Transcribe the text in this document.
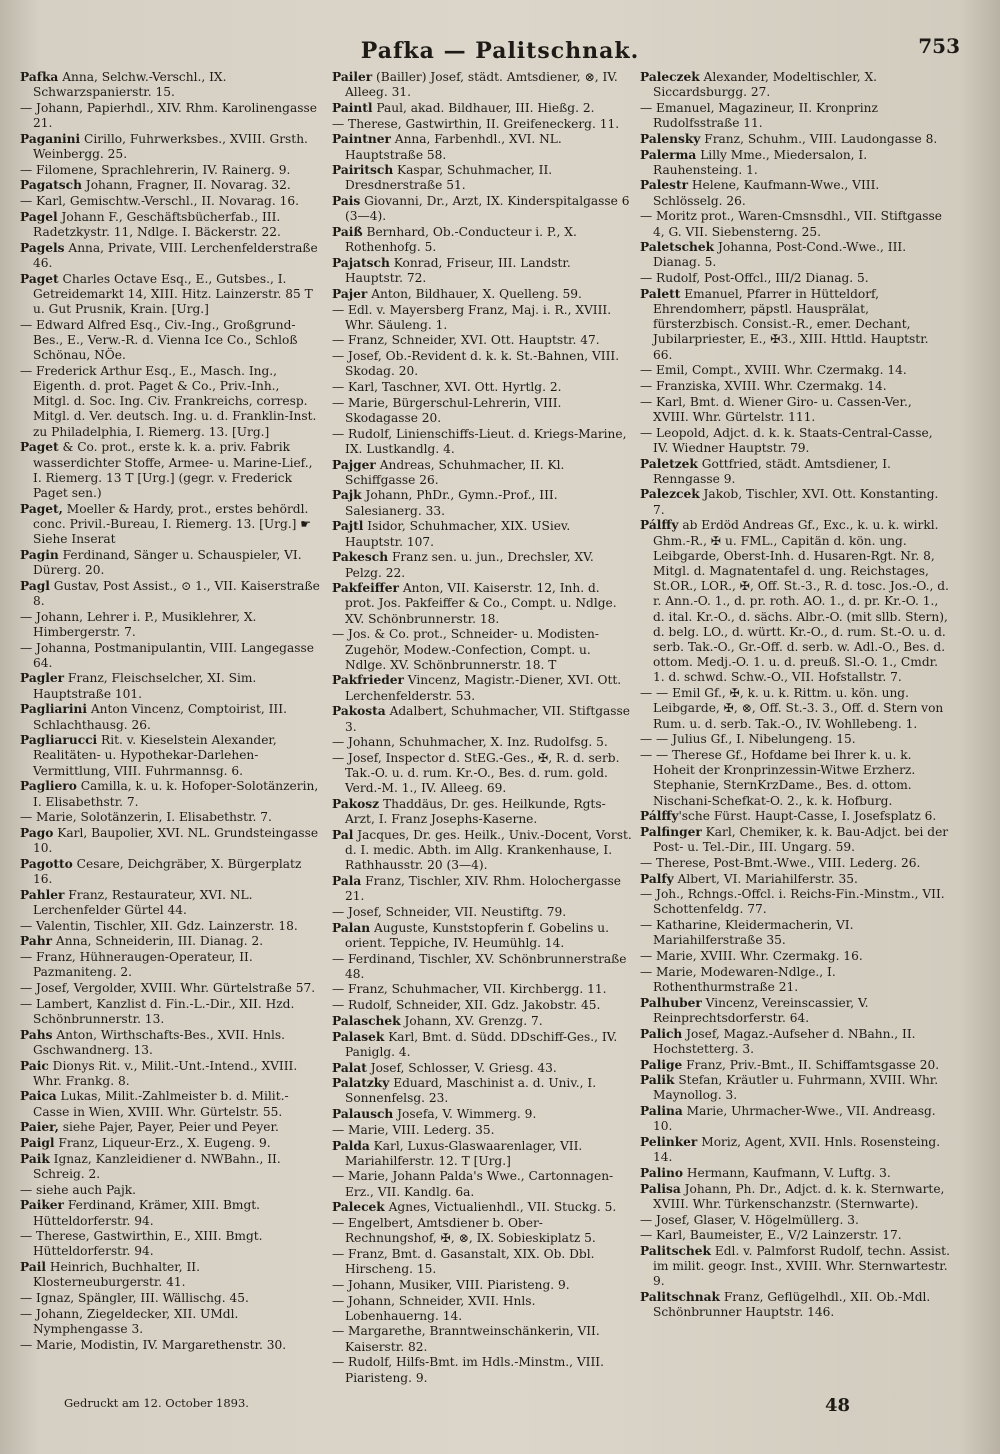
Pafka — Palitschnak.	753
Pafka Anna, Selchw.-Verschl., IX. Schwarzspanierstr. 15.
— Johann, Papierhdl., XIV. Rhm. Karolinengasse 21.
Paganini Cirillo, Fuhrwerksbes., XVIII. Grsth. Weinbergg. 25.
— Filomene, Sprachlehrerin, IV. Rainerg. 9.
Pagatsch Johann, Fragner, II. Novarag. 32.
— Karl, Gemischtw.-Verschl., II. Novarag. 16.
Pagel Johann F., Geschäftsbücherfab., III. Radetzkystr. 11, Ndlge. I. Bäckerstr. 22.
Pagels Anna, Private, VIII. Lerchenfelderstraße 46.
Paget Charles Octave Esq., E., Gutsbes., I. Getreidemarkt 14, XIII. Hitz. Lainzerstr. 85 T u. Gut Prusnik, Krain. [Urg.]
— Edward Alfred Esq., Civ.-Ing., Großgrund-Bes., E., Verw.-R. d. Vienna Ice Co., Schloß Schönau, NÖe.
— Frederick Arthur Esq., E., Masch. Ing., Eigenth. d. prot. Paget & Co., Priv.-Inh., Mitgl. d. Soc. Ing. Civ. Frankreichs, corresp. Mitgl. d. Ver. deutsch. Ing. u. d. Franklin-Inst. zu Philadelphia, I. Riemerg. 13. [Urg.]
Paget & Co. prot., erste k. k. a. priv. Fabrik wasserdichter Stoffe, Armee- u. Marine-Lief., I. Riemerg. 13 T [Urg.] (gegr. v. Frederick Paget sen.)
Paget, Moeller & Hardy, prot., erstes behördl. conc. Privil.-Bureau, I. Riemerg. 13. [Urg.] ☛ Siehe Inserat
Pagin Ferdinand, Sänger u. Schauspieler, VI. Dürerg. 20.
Pagl Gustav, Post Assist., ⊙ 1., VII. Kaiserstraße 8.
— Johann, Lehrer i. P., Musiklehrer, X. Himbergerstr. 7.
— Johanna, Postmanipulantin, VIII. Langegasse 64.
Pagler Franz, Fleischselcher, XI. Sim. Hauptstraße 101.
Pagliarini Anton Vincenz, Comptoirist, III. Schlachthausg. 26.
Pagliarucci Rit. v. Kieselstein Alexander, Realitäten- u. Hypothekar-Darlehen-Vermittlung, VIII. Fuhrmannsg. 6.
Pagliero Camilla, k. u. k. Hofoper-Solotänzerin, I. Elisabethstr. 7.
— Marie, Solotänzerin, I. Elisabethstr. 7.
Pago Karl, Baupolier, XVI. NL. Grundsteingasse 10.
Pagotto Cesare, Deichgräber, X. Bürgerplatz 16.
Pahler Franz, Restaurateur, XVI. NL. Lerchenfelder Gürtel 44.
— Valentin, Tischler, XII. Gdz. Lainzerstr. 18.
Pahr Anna, Schneiderin, III. Dianag. 2.
— Franz, Hühneraugen-Operateur, II. Pazmaniteng. 2.
— Josef, Vergolder, XVIII. Whr. Gürtelstraße 57.
— Lambert, Kanzlist d. Fin.-L.-Dir., XII. Hzd. Schönbrunnerstr. 13.
Pahs Anton, Wirthschafts-Bes., XVII. Hnls. Gschwandnerg. 13.
Paic Dionys Rit. v., Milit.-Unt.-Intend., XVIII. Whr. Frankg. 8.
Paica Lukas, Milit.-Zahlmeister b. d. Milit.-Casse in Wien, XVIII. Whr. Gürtelstr. 55.
Paier, siehe Pajer, Payer, Peier und Peyer.
Paigl Franz, Liqueur-Erz., X. Eugeng. 9.
Paik Ignaz, Kanzleidiener d. NWBahn., II. Schreig. 2.
— siehe auch Pajk.
Paiker Ferdinand, Krämer, XIII. Bmgt. Hütteldorferstr. 94.
— Therese, Gastwirthin, E., XIII. Bmgt. Hütteldorferstr. 94.
Pail Heinrich, Buchhalter, II. Klosterneuburgerstr. 41.
— Ignaz, Spängler, III. Wällischg. 45.
— Johann, Ziegeldecker, XII. UMdl. Nymphengasse 3.
— Marie, Modistin, IV. Margarethenstr. 30.
Pailer (Bailler) Josef, städt. Amtsdiener, ⊗, IV. Alleeg. 31.
Paintl Paul, akad. Bildhauer, III. Hießg. 2.
— Therese, Gastwirthin, II. Greifeneckerg. 11.
Paintner Anna, Farbenhdl., XVI. NL. Hauptstraße 58.
Pairitsch Kaspar, Schuhmacher, II. Dresdnerstraße 51.
Pais Giovanni, Dr., Arzt, IX. Kinderspitalgasse 6 (3—4).
Paiß Bernhard, Ob.-Conducteur i. P., X. Rothenhofg. 5.
Pajatsch Konrad, Friseur, III. Landstr. Hauptstr. 72.
Pajer Anton, Bildhauer, X. Quelleng. 59.
— Edl. v. Mayersberg Franz, Maj. i. R., XVIII. Whr. Säuleng. 1.
— Franz, Schneider, XVI. Ott. Hauptstr. 47.
— Josef, Ob.-Revident d. k. k. St.-Bahnen, VIII. Skodag. 20.
— Karl, Taschner, XVI. Ott. Hyrtlg. 2.
— Marie, Bürgerschul-Lehrerin, VIII. Skodagasse 20.
— Rudolf, Linienschiffs-Lieut. d. Kriegs-Marine, IX. Lustkandlg. 4.
Pajger Andreas, Schuhmacher, II. Kl. Schiffgasse 26.
Pajk Johann, PhDr., Gymn.-Prof., III. Salesianerg. 33.
Pajtl Isidor, Schuhmacher, XIX. USiev. Hauptstr. 107.
Pakesch Franz sen. u. jun., Drechsler, XV. Pelzg. 22.
Pakfeiffer Anton, VII. Kaiserstr. 12, Inh. d. prot. Jos. Pakfeiffer & Co., Compt. u. Ndlge. XV. Schönbrunnerstr. 18.
— Jos. & Co. prot., Schneider- u. Modisten-Zugehör, Modew.-Confection, Compt. u. Ndlge. XV. Schönbrunnerstr. 18. T
Pakfrieder Vincenz, Magistr.-Diener, XVI. Ott. Lerchenfelderstr. 53.
Pakosta Adalbert, Schuhmacher, VII. Stiftgasse 3.
— Johann, Schuhmacher, X. Inz. Rudolfsg. 5.
— Josef, Inspector d. StEG.-Ges., ✠, R. d. serb. Tak.-O. u. d. rum. Kr.-O., Bes. d. rum. gold. Verd.-M. 1., IV. Alleeg. 69.
Pakosz Thaddäus, Dr. ges. Heilkunde, Rgts-Arzt, I. Franz Josephs-Kaserne.
Pal Jacques, Dr. ges. Heilk., Univ.-Docent, Vorst. d. I. medic. Abth. im Allg. Krankenhause, I. Rathhausstr. 20 (3—4).
Pala Franz, Tischler, XIV. Rhm. Holochergasse 21.
— Josef, Schneider, VII. Neustiftg. 79.
Palan Auguste, Kunststopferin f. Gobelins u. orient. Teppiche, IV. Heumühlg. 14.
— Ferdinand, Tischler, XV. Schönbrunnerstraße 48.
— Franz, Schuhmacher, VII. Kirchbergg. 11.
— Rudolf, Schneider, XII. Gdz. Jakobstr. 45.
Palaschek Johann, XV. Grenzg. 7.
Palasek Karl, Bmt. d. Südd. DDschiff-Ges., IV. Paniglg. 4.
Palat Josef, Schlosser, V. Griesg. 43.
Palatzky Eduard, Maschinist a. d. Univ., I. Sonnenfelsg. 23.
Palausch Josefa, V. Wimmerg. 9.
— Marie, VIII. Lederg. 35.
Palda Karl, Luxus-Glaswaarenlager, VII. Mariahilferstr. 12. T [Urg.]
— Marie, Johann Palda's Wwe., Cartonnagen-Erz., VII. Kandlg. 6a.
Palecek Agnes, Victualienhdl., VII. Stuckg. 5.
— Engelbert, Amtsdiener b. Ober-Rechnungshof, ✠, ⊗, IX. Sobieskiplatz 5.
— Franz, Bmt. d. Gasanstalt, XIX. Ob. Dbl. Hirscheng. 15.
— Johann, Musiker, VIII. Piaristeng. 9.
— Johann, Schneider, XVII. Hnls. Lobenhauerng. 14.
— Margarethe, Branntweinschänkerin, VII. Kaiserstr. 82.
— Rudolf, Hilfs-Bmt. im Hdls.-Minstm., VIII. Piaristeng. 9.
Paleczek Alexander, Modeltischler, X. Siccardsburgg. 27.
— Emanuel, Magazineur, II. Kronprinz Rudolfsstraße 11.
Palensky Franz, Schuhm., VIII. Laudongasse 8.
Palerma Lilly Mme., Miedersalon, I. Rauhensteing. 1.
Palestr Helene, Kaufmann-Wwe., VIII. Schlösselg. 26.
— Moritz prot., Waren-Cmsnsdhl., VII. Stiftgasse 4, G. VII. Siebensterng. 25.
Paletschek Johanna, Post-Cond.-Wwe., III. Dianag. 5.
— Rudolf, Post-Offcl., III/2 Dianag. 5.
Palett Emanuel, Pfarrer in Hütteldorf, Ehrendomherr, päpstl. Hausprälat, fürsterzbisch. Consist.-R., emer. Dechant, Jubilarpriester, E., ✠3., XIII. Httld. Hauptstr. 66.
— Emil, Compt., XVIII. Whr. Czermakg. 14.
— Franziska, XVIII. Whr. Czermakg. 14.
— Karl, Bmt. d. Wiener Giro- u. Cassen-Ver., XVIII. Whr. Gürtelstr. 111.
— Leopold, Adjct. d. k. k. Staats-Central-Casse, IV. Wiedner Hauptstr. 79.
Paletzek Gottfried, städt. Amtsdiener, I. Renngasse 9.
Palezcek Jakob, Tischler, XVI. Ott. Konstanting. 7.
Pálffy ab Erdöd Andreas Gf., Exc., k. u. k. wirkl. Ghm.-R., ✠ u. FML., Capitän d. kön. ung. Leibgarde, Oberst-Inh. d. Husaren-Rgt. Nr. 8, Mitgl. d. Magnatentafel d. ung. Reichstages, St.OR., LOR., ✠, Off. St.-3., R. d. tosc. Jos.-O., d. r. Ann.-O. 1., d. pr. roth. AO. 1., d. pr. Kr.-O. 1., d. ital. Kr.-O., d. sächs. Albr.-O. (mit sllb. Stern), d. belg. LO., d. württ. Kr.-O., d. rum. St.-O. u. d. serb. Tak.-O., Gr.-Off. d. serb. w. Adl.-O., Bes. d. ottom. Medj.-O. 1. u. d. preuß. Sl.-O. 1., Cmdr. 1. d. schwd. Schw.-O., VII. Hofstallstr. 7.
— — Emil Gf., ✠, k. u. k. Rittm. u. kön. ung. Leibgarde, ✠, ⊗, Off. St.-3. 3., Off. d. Stern von Rum. u. d. serb. Tak.-O., IV. Wohllebeng. 1.
— — Julius Gf., I. Nibelungeng. 15.
— — Therese Gf., Hofdame bei Ihrer k. u. k. Hoheit der Kronprinzessin-Witwe Erzherz. Stephanie, SternKrzDame., Bes. d. ottom. Nischani-Schefkat-O. 2., k. k. Hofburg.
Pálffy'sche Fürst. Haupt-Casse, I. Josefsplatz 6.
Palfinger Karl, Chemiker, k. k. Bau-Adjct. bei der Post- u. Tel.-Dir., III. Ungarg. 59.
— Therese, Post-Bmt.-Wwe., VIII. Lederg. 26.
Palfy Albert, VI. Mariahilferstr. 35.
— Joh., Rchngs.-Offcl. i. Reichs-Fin.-Minstm., VII. Schottenfeldg. 77.
— Katharine, Kleidermacherin, VI. Mariahilferstraße 35.
— Marie, XVIII. Whr. Czermakg. 16.
— Marie, Modewaren-Ndlge., I. Rothenthurmstraße 21.
Palhuber Vincenz, Vereinscassier, V. Reinprechtsdorferstr. 64.
Palich Josef, Magaz.-Aufseher d. NBahn., II. Hochstetterg. 3.
Palige Franz, Priv.-Bmt., II. Schiffamtsgasse 20.
Palik Stefan, Kräutler u. Fuhrmann, XVIII. Whr. Maynollog. 3.
Palina Marie, Uhrmacher-Wwe., VII. Andreasg. 10.
Pelinker Moriz, Agent, XVII. Hnls. Rosensteing. 14.
Palino Hermann, Kaufmann, V. Luftg. 3.
Palisa Johann, Ph. Dr., Adjct. d. k. k. Sternwarte, XVIII. Whr. Türkenschanzstr. (Sternwarte).
— Josef, Glaser, V. Högelmüllerg. 3.
— Karl, Baumeister, E., V/2 Lainzerstr. 17.
Palitschek Edl. v. Palmforst Rudolf, techn. Assist. im milit. geogr. Inst., XVIII. Whr. Sternwartestr. 9.
Palitschnak Franz, Geflügelhdl., XII. Ob.-Mdl. Schönbrunner Hauptstr. 146.
Gedruckt am 12. October 1893.	48
